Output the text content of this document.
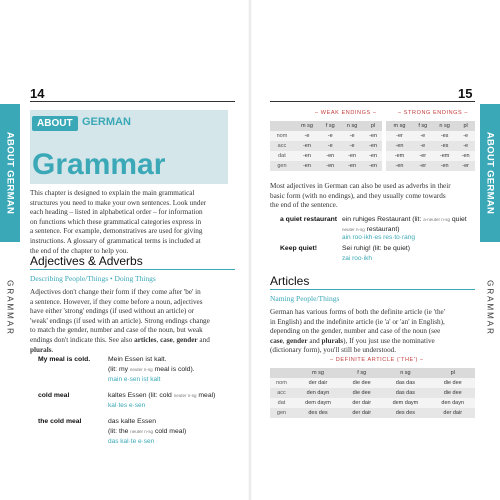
14
ABOUT GERMAN
GRAMMAR
ABOUT GERMAN
Grammar
This chapter is designed to explain the main grammatical
structures you need to make your own sentences. Look under
each heading – listed in alphabetical order – for information
on functions which these grammatical categories express in
a sentence. For example, demonstratives are used for giving
instructions. A glossary of grammatical terms is included at
the end of the chapter to help you.
Adjectives & Adverbs
Describing People/Things • Doing Things
Adjectives don't change their form if they come after 'be' in
a sentence. However, if they come before a noun, adjectives
have either 'strong' endings (if used without an article) or
'weak' endings (if used with an article). Strong endings change
to match the gender, number and case of the noun, but weak
endings don't indicate this. See also articles, case, gender and
plurals.
My meal is cold.	Mein Essen ist kalt.
(lit: my neuter n-sg meal is cold).
main e·sen ist kalt
cold meal	kaltes Essen (lit: cold neuter n-sg meal)
kal·tes e·sen
the cold meal	das kalte Essen
(lit: the neuter n-sg cold meal)
das kal·te e·sen
15
ABOUT GERMAN
GRAMMAR
– WEAK ENDINGS –	– STRONG ENDINGS –
	m sg	f sg	n sg	pl		m sg	f sg	n sg	pl
nom	-e	-e	-e	-en		-er	-e	-es	-e
acc	-en	-e	-e	-en		-en	-e	-es	-e
dat	-en	-en	-en	-en		-em	-er	-em	-en
gen	-en	-en	-en	-en		-en	-er	-en	-er
Most adjectives in German can also be used as adverbs in their
basic form (with no endings), and they usually come towards
the end of the sentence.
a quiet restaurant ein ruhiges Restaurant (lit: a-neuter n-sg quiet neuter n-sg restaurant)
ain roo·ikh·es res·to·rang
Keep quiet!	Sei ruhig! (lit: be quiet)
zai roo·ikh
Articles
Naming People/Things
German has various forms of both the definite article (ie 'the'
in English) and the indefinite article (ie 'a' or 'an' in English),
depending on the gender, number and case of the noun (see
case, gender and plurals), If you just use the nominative
(dictionary form), you'll still be understood.
– DEFINITE ARTICLE ('THE') –
	m sg	f sg	n sg	pl
nom	der dair	die dee	das das	die dee
acc	den dayn	die dee	das das	die dee
dat	dem daym	der dair	dem daym	den dayn
gen	des des	der dair	des des	der dair
